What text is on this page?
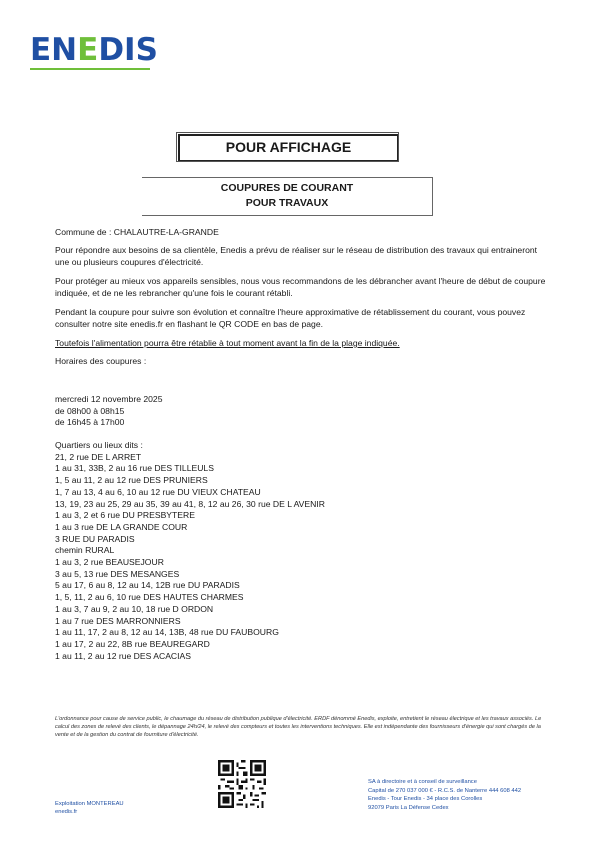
ENEDIS
POUR AFFICHAGE
COUPURES DE COURANT
POUR TRAVAUX
Commune de : CHALAUTRE-LA-GRANDE
Pour répondre aux besoins de sa clientèle, Enedis a prévu de réaliser sur le réseau de distribution des travaux qui entraineront une ou plusieurs coupures d'électricité.
Pour protéger au mieux vos appareils sensibles, nous vous recommandons de les débrancher avant l'heure de début de coupure indiquée, et de ne les rebrancher qu'une fois le courant rétabli.
Pendant la coupure pour suivre son évolution et connaître l'heure approximative de rétablissement du courant, vous pouvez consulter notre site enedis.fr en flashant le QR CODE en bas de page.
Toutefois l'alimentation pourra être rétablie à tout moment avant la fin de la plage indiquée.
Horaires des coupures :
mercredi 12 novembre 2025
de 08h00 à 08h15
de 16h45 à 17h00
Quartiers ou lieux dits :
21, 2 rue DE L ARRET
1 au 31, 33B, 2 au 16 rue DES TILLEULS
1, 5 au 11, 2 au 12 rue DES PRUNIERS
1, 7 au 13, 4 au 6, 10 au 12 rue DU VIEUX CHATEAU
13, 19, 23 au 25, 29 au 35, 39 au 41, 8, 12 au 26, 30 rue DE L AVENIR
1 au 3, 2 et 6 rue DU PRESBYTERE
1 au 3 rue DE LA GRANDE COUR
3 RUE DU PARADIS
chemin RURAL
1 au 3, 2 rue BEAUSEJOUR
3 au 5, 13 rue DES MESANGES
5 au 17, 6 au 8, 12 au 14, 12B rue DU PARADIS
1, 5, 11, 2 au 6, 10 rue DES HAUTES CHARMES
1 au 3, 7 au 9, 2 au 10, 18 rue D ORDON
1 au 7 rue DES MARRONNIERS
1 au 11, 17, 2 au 8, 12 au 14, 13B, 48 rue DU FAUBOURG
1 au 17, 2 au 22, 8B rue BEAUREGARD
1 au 11, 2 au 12 rue DES ACACIAS
L'ordonnance pour cause de service public, le chaumage du réseau de distribution publique d'électricité. ERDF dénommé Enedis, exploite, entretient le réseau électrique et les travaux associés. Le calcul des zones de relevé des clients, le dépannage 24h/24, le relevé des compteurs et toutes les interventions techniques. Elle est indépendante des fournisseurs d'énergie qui sont chargés de la vente et de la gestion du contrat de fourniture d'électricité.
Exploitation MONTEREAU
enedis.fr
SA à directoire et à conseil de surveillance
Capital de 270 037 000 € - R.C.S. de Nanterre 444 608 442
Enedis - Tour Enedis - 34 place des Corolles
92079 Paris La Défense Cedex
